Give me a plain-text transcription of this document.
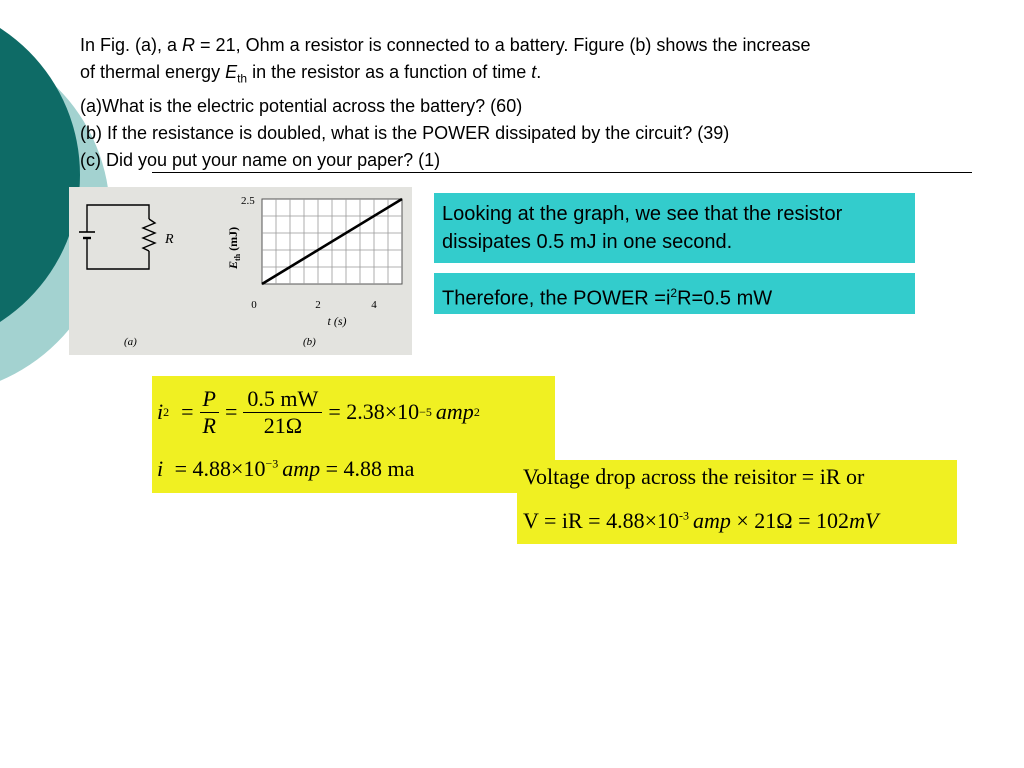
In Fig. (a), a R = 21, Ohm a resistor is connected to a battery. Figure (b) shows the increase

of thermal energy $E_{th}$ in the resistor as a function of time t.

(a)What is the electric potential across the battery? (60)

(b) If the resistance is doubled, what is the POWER dissipated by the circuit? (39)

(c) Did you put your name on your paper? (1)

R
(a)
2.5
0	2	4
t (s)
$E_{th}$ (mJ)
(b)
Looking at the graph, we see that the resistor dissipates 0.5 mJ in one second.
Therefore, the POWER $=i^2R=0.5$ mW
i $2 = \frac{P}{R} = \frac{0.5 mW}{21\Omega} = 2.38\times 10 -5$ amp 2
$i = 4.88\times 10^{-3}$ amp = 4.88 ma	Voltage drop across the reisitor = iR or
V = iR = $4.88\times 10^{-3}$ amp × 21Ω = 102mV
